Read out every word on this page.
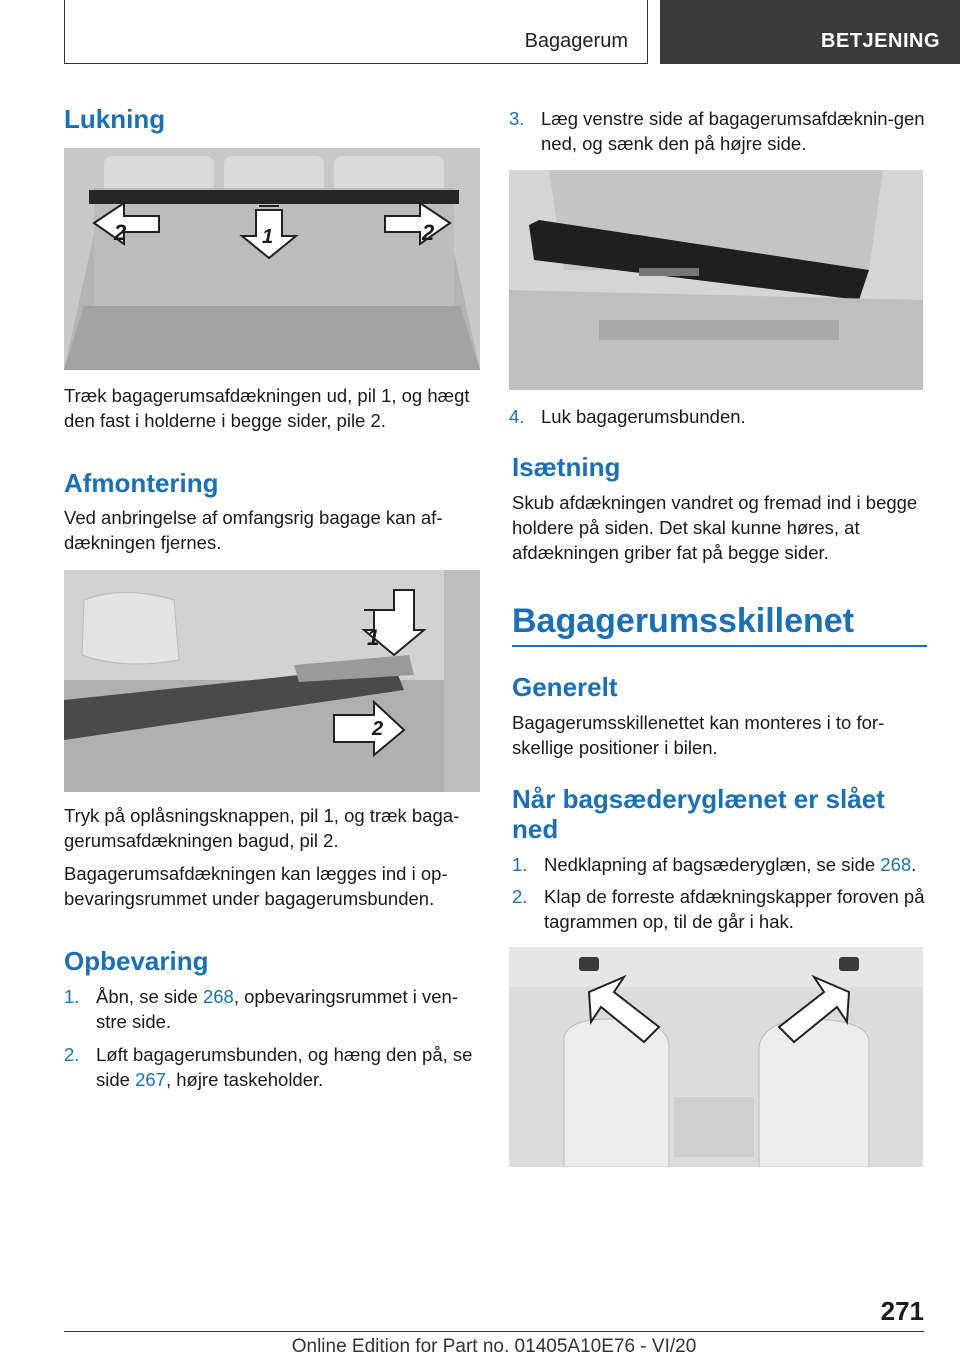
Bagagerum	BETJENING
Lukning
2	1	2

Træk bagagerumsafdækningen ud, pil 1, og hægt den fast i holderne i begge sider, pile 2.

Afmontering

Ved anbringelse af omfangsrig bagage kan af-dækningen fjernes.

1
2

Tryk på oplåsningsknappen, pil 1, og træk baga-gerumsafdækningen bagud, pil 2.

Bagagerumsafdækningen kan lægges ind i op-bevaringsrummet under bagagerumsbunden.

Opbevaring
1. Åbn, se side 268, opbevaringsrummet i ven-stre side.
2. Løft bagagerumsbunden, og hæng den på, se side 267, højre taskeholder.
3. Læg venstre side af bagagerumsafdæknin-gen ned, og sænk den på højre side.
4. Luk bagagerumsbunden.
Isætning

Skub afdækningen vandret og fremad ind i begge holdere på siden. Det skal kunne høres, at afdækningen griber fat på begge sider.

Bagagerumsskillenet
Generelt

Bagagerumsskillenettet kan monteres i to for-skellige positioner i bilen.

Når bagsæderyglænet er slået ned
1. Nedklapning af bagsæderyglæn, se side 268.
2. Klap de forreste afdækningskapper foroven på tagrammen op, til de går i hak.
271
Online Edition for Part no. 01405A10E76 - VI/20
